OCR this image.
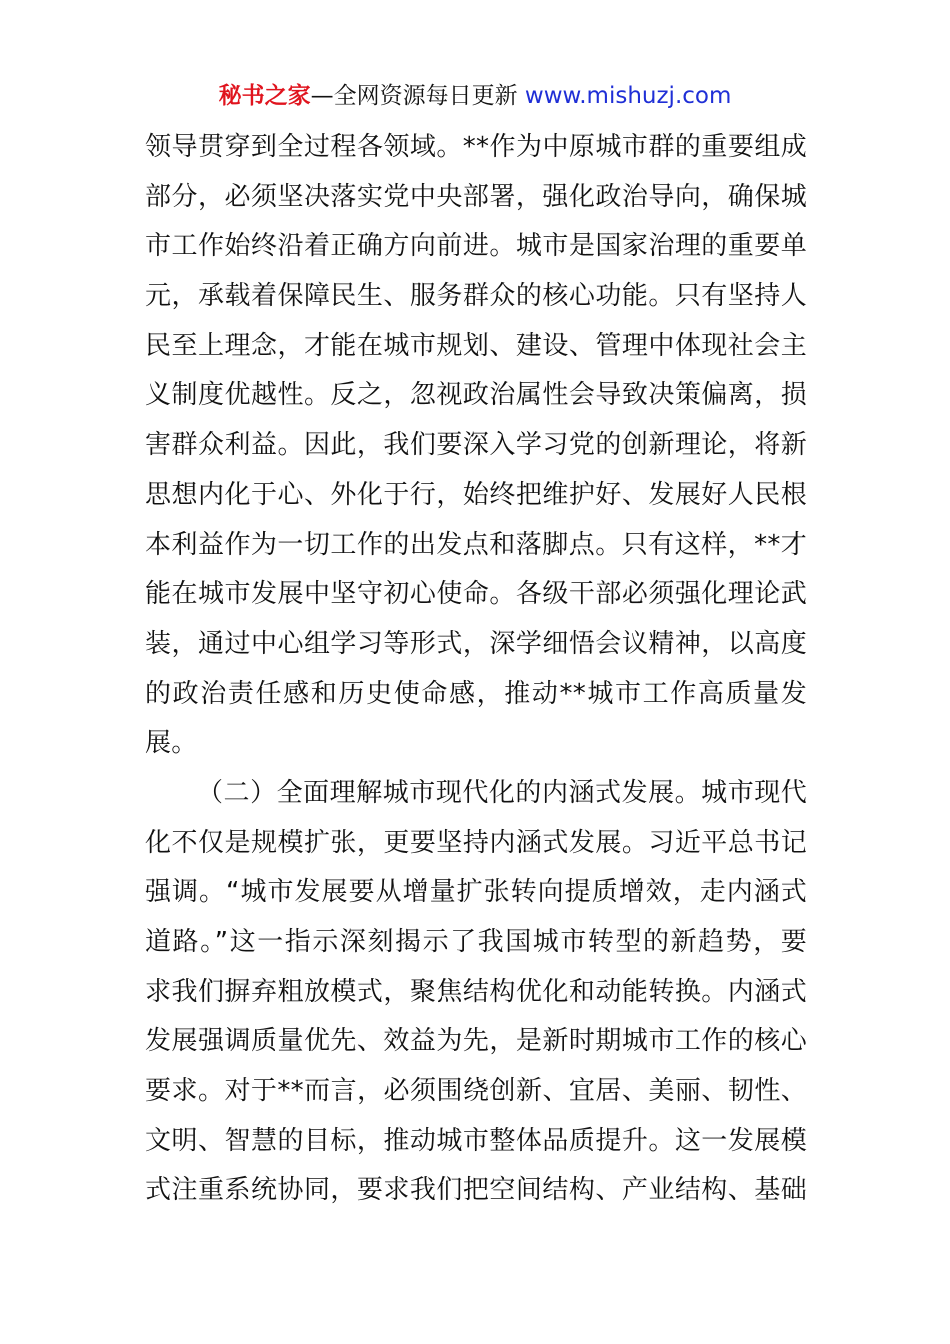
秘书之家—全网资源每日更新 www.mishuzj.com
领导贯穿到全过程各领域。**作为中原城市群的重要组成
部分，必须坚决落实党中央部署，强化政治导向，确保城
市工作始终沿着正确方向前进。城市是国家治理的重要单
元，承载着保障民生、服务群众的核心功能。只有坚持人
民至上理念，才能在城市规划、建设、管理中体现社会主
义制度优越性。反之，忽视政治属性会导致决策偏离，损
害群众利益。因此，我们要深入学习党的创新理论，将新
思想内化于心、外化于行，始终把维护好、发展好人民根
本利益作为一切工作的出发点和落脚点。只有这样，**才
能在城市发展中坚守初心使命。各级干部必须强化理论武
装，通过中心组学习等形式，深学细悟会议精神，以高度
的政治责任感和历史使命感，推动**城市工作高质量发
展。
（二）全面理解城市现代化的内涵式发展。城市现代
化不仅是规模扩张，更要坚持内涵式发展。习近平总书记
强调。“城市发展要从增量扩张转向提质增效，走内涵式
道路。”这一指示深刻揭示了我国城市转型的新趋势，要
求我们摒弃粗放模式，聚焦结构优化和动能转换。内涵式
发展强调质量优先、效益为先，是新时期城市工作的核心
要求。对于**而言，必须围绕创新、宜居、美丽、韧性、
文明、智慧的目标，推动城市整体品质提升。这一发展模
式注重系统协同，要求我们把空间结构、产业结构、基础
